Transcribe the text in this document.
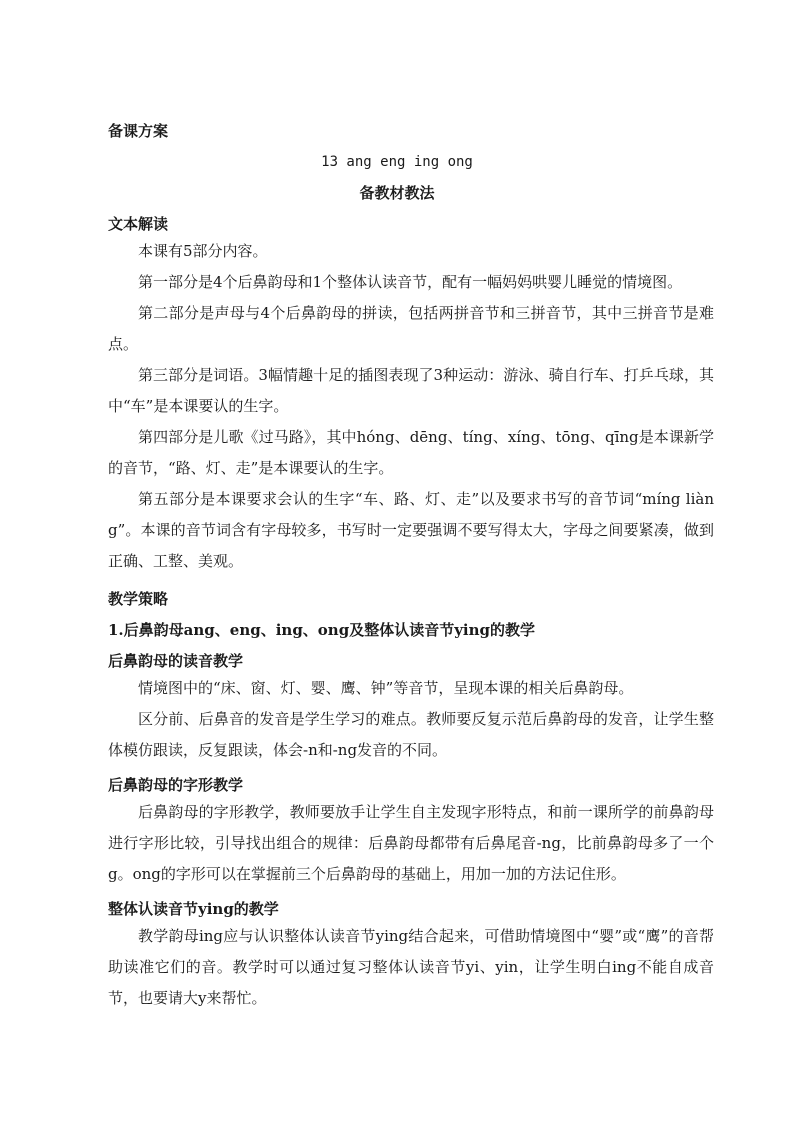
备课方案
13 ang eng ing ong
备教材教法
文本解读
本课有5部分内容。
第一部分是4个后鼻韵母和1个整体认读音节，配有一幅妈妈哄婴儿睡觉的情境图。
第二部分是声母与4个后鼻韵母的拼读，包括两拼音节和三拼音节，其中三拼音节是难点。
第三部分是词语。3幅情趣十足的插图表现了3种运动：游泳、骑自行车、打乒乓球，其中“车”是本课要认的生字。
第四部分是儿歌《过马路》，其中hóng、dēng、tíng、xíng、tōng、qīng是本课新学的音节，“路、灯、走”是本课要认的生字。
第五部分是本课要求会认的生字“车、路、灯、走”以及要求书写的音节词“míng liàng”。本课的音节词含有字母较多，书写时一定要强调不要写得太大，字母之间要紧凑，做到正确、工整、美观。
教学策略
1.后鼻韵母ang、eng、ing、ong及整体认读音节ying的教学
后鼻韵母的读音教学
情境图中的“床、窗、灯、婴、鹰、钟”等音节，呈现本课的相关后鼻韵母。
区分前、后鼻音的发音是学生学习的难点。教师要反复示范后鼻韵母的发音，让学生整体模仿跟读，反复跟读，体会-n和-ng发音的不同。
后鼻韵母的字形教学
后鼻韵母的字形教学，教师要放手让学生自主发现字形特点，和前一课所学的前鼻韵母进行字形比较，引导找出组合的规律：后鼻韵母都带有后鼻尾音-ng，比前鼻韵母多了一个g。ong的字形可以在掌握前三个后鼻韵母的基础上，用加一加的方法记住形。
整体认读音节ying的教学
教学韵母ing应与认识整体认读音节ying结合起来，可借助情境图中“婴”或“鹰”的音帮助读准它们的音。教学时可以通过复习整体认读音节yi、yin，让学生明白ing不能自成音节，也要请大y来帮忙。
